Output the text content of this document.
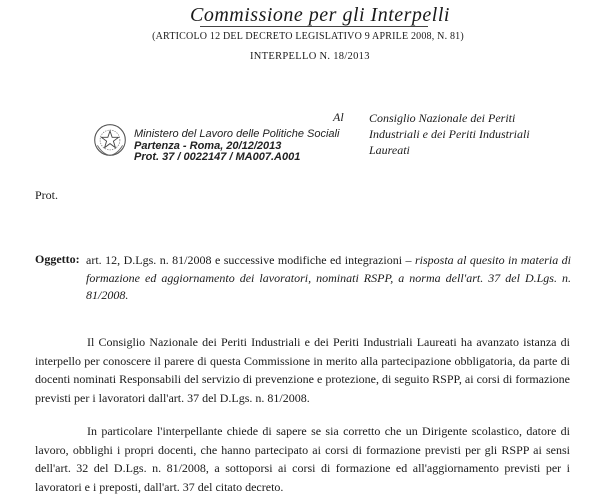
Commissione per gli Interpelli
(ARTICOLO 12 DEL DECRETO LEGISLATIVO 9 APRILE 2008, N. 81)
INTERPELLO N. 18/2013
Al Consiglio Nazionale dei Periti
Industriali e dei Periti Industriali
Laureati
Ministero del Lavoro delle Politiche Sociali
Partenza - Roma, 20/12/2013
Prot. 37 / 0022147 / MA007.A001
Prot.
Oggetto: art. 12, D.Lgs. n. 81/2008 e successive modifiche ed integrazioni – risposta al quesito in materia di formazione ed aggiornamento dei lavoratori, nominati RSPP, a norma dell'art. 37 del D.Lgs. n. 81/2008.
Il Consiglio Nazionale dei Periti Industriali e dei Periti Industriali Laureati ha avanzato istanza di interpello per conoscere il parere di questa Commissione in merito alla partecipazione obbligatoria, da parte di docenti nominati Responsabili del servizio di prevenzione e protezione, di seguito RSPP, ai corsi di formazione previsti per i lavoratori dall'art. 37 del D.Lgs. n. 81/2008.
In particolare l'interpellante chiede di sapere se sia corretto che un Dirigente scolastico, datore di lavoro, obblighi i propri docenti, che hanno partecipato ai corsi di formazione previsti per gli RSPP ai sensi dell'art. 32 del D.Lgs. n. 81/2008, a sottoporsi ai corsi di formazione ed all'aggiornamento previsti per i lavoratori e i preposti, dall'art. 37 del citato decreto.
